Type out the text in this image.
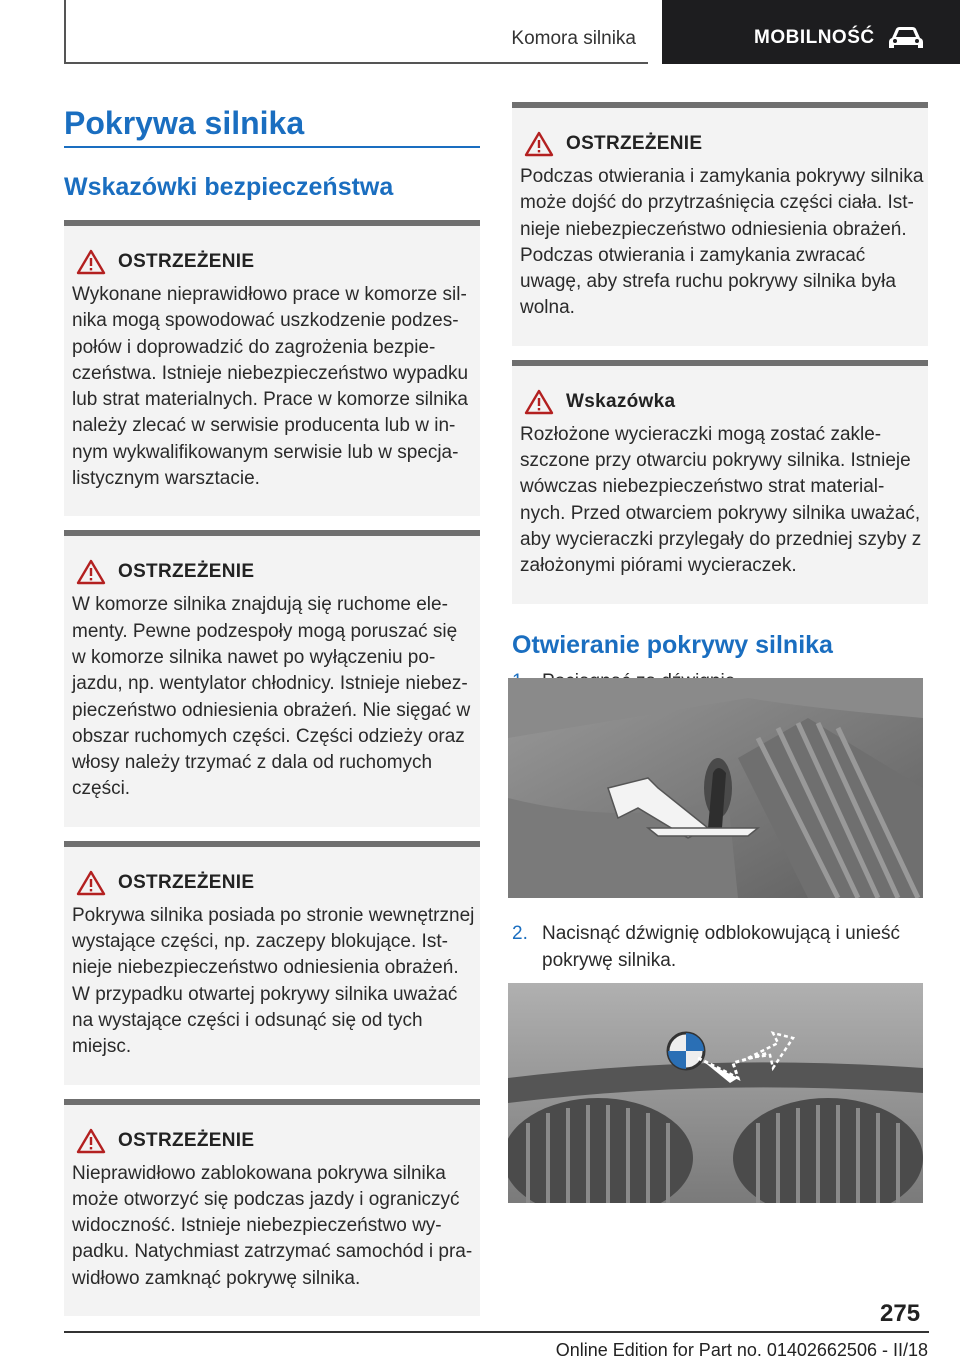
Komora silnika	MOBILNOŚĆ
Pokrywa silnika
Wskazówki bezpieczeństwa
OSTRZEŻENIE
Wykonane nieprawidłowo prace w komorze sil-
nika mogą spowodować uszkodzenie podzes-
połów i doprowadzić do zagrożenia bezpie-
czeństwa. Istnieje niebezpieczeństwo wypadku
lub strat materialnych. Prace w komorze silnika
należy zlecać w serwisie producenta lub w in-
nym wykwalifikowanym serwisie lub w specja-
listycznym warsztacie.
OSTRZEŻENIE
W komorze silnika znajdują się ruchome ele-
menty. Pewne podzespoły mogą poruszać się
w komorze silnika nawet po wyłączeniu po-
jazdu, np. wentylator chłodnicy. Istnieje niebez-
pieczeństwo odniesienia obrażeń. Nie sięgać w
obszar ruchomych części. Części odzieży oraz
włosy należy trzymać z dala od ruchomych
części.
OSTRZEŻENIE
Pokrywa silnika posiada po stronie wewnętrznej
wystające części, np. zaczepy blokujące. Ist-
nieje niebezpieczeństwo odniesienia obrażeń.
W przypadku otwartej pokrywy silnika uważać
na wystające części i odsunąć się od tych
miejsc.
OSTRZEŻENIE
Nieprawidłowo zablokowana pokrywa silnika
może otworzyć się podczas jazdy i ograniczyć
widoczność. Istnieje niebezpieczeństwo wy-
padku. Natychmiast zatrzymać samochód i pra-
widłowo zamknąć pokrywę silnika.
OSTRZEŻENIE
Podczas otwierania i zamykania pokrywy silnika
może dojść do przytrzaśnięcia części ciała. Ist-
nieje niebezpieczeństwo odniesienia obrażeń.
Podczas otwierania i zamykania zwracać
uwagę, aby strefa ruchu pokrywy silnika była
wolna.
Wskazówka
Rozłożone wycieraczki mogą zostać zakle-
szczone przy otwarciu pokrywy silnika. Istnieje
wówczas niebezpieczeństwo strat material-
nych. Przed otwarciem pokrywy silnika uważać,
aby wycieraczki przylegały do przedniej szyby z
założonymi piórami wycieraczek.
Otwieranie pokrywy silnika
2. Nacisnąć dźwignię odblokowującą i unieść
pokrywę silnika.
275
Online Edition for Part no. 01402662506 - II/18
